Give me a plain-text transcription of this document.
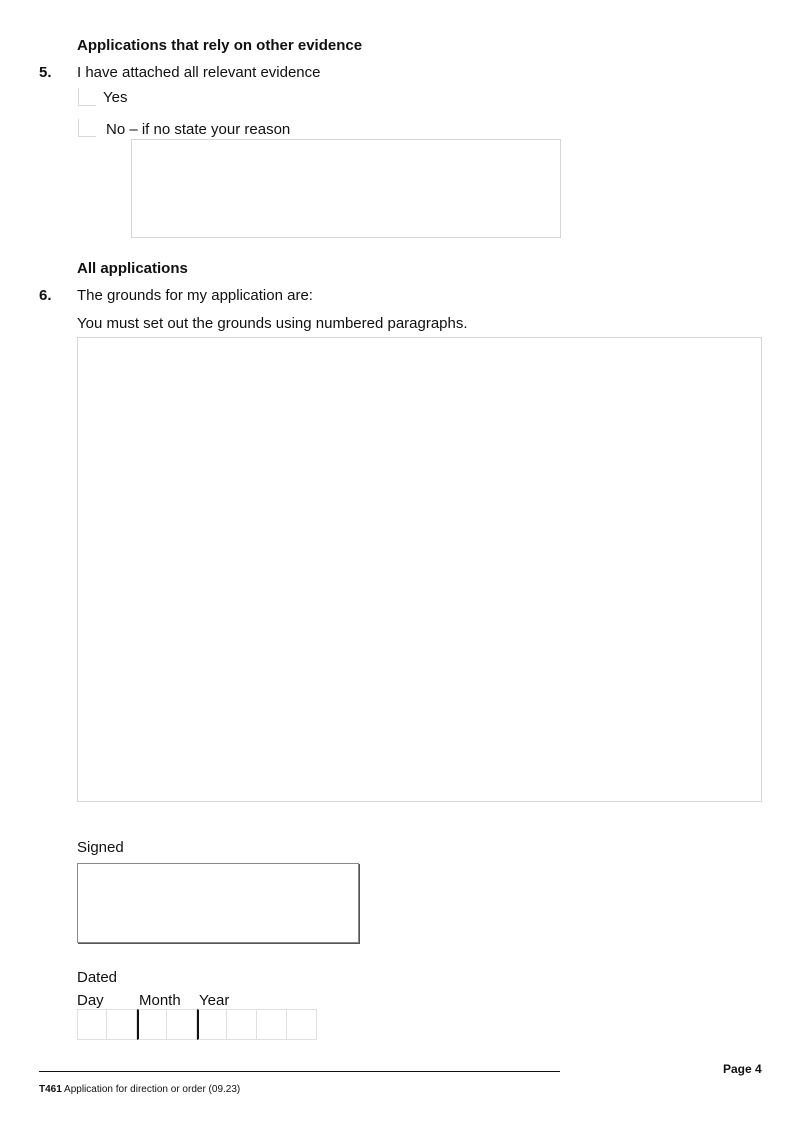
Applications that rely on other evidence
5. I have attached all relevant evidence
Yes
No – if no state your reason
All applications
6. The grounds for my application are:
You must set out the grounds using numbered paragraphs.
Signed
Dated
Day Month Year
Page 4
T461 Application for direction or order (09.23)
